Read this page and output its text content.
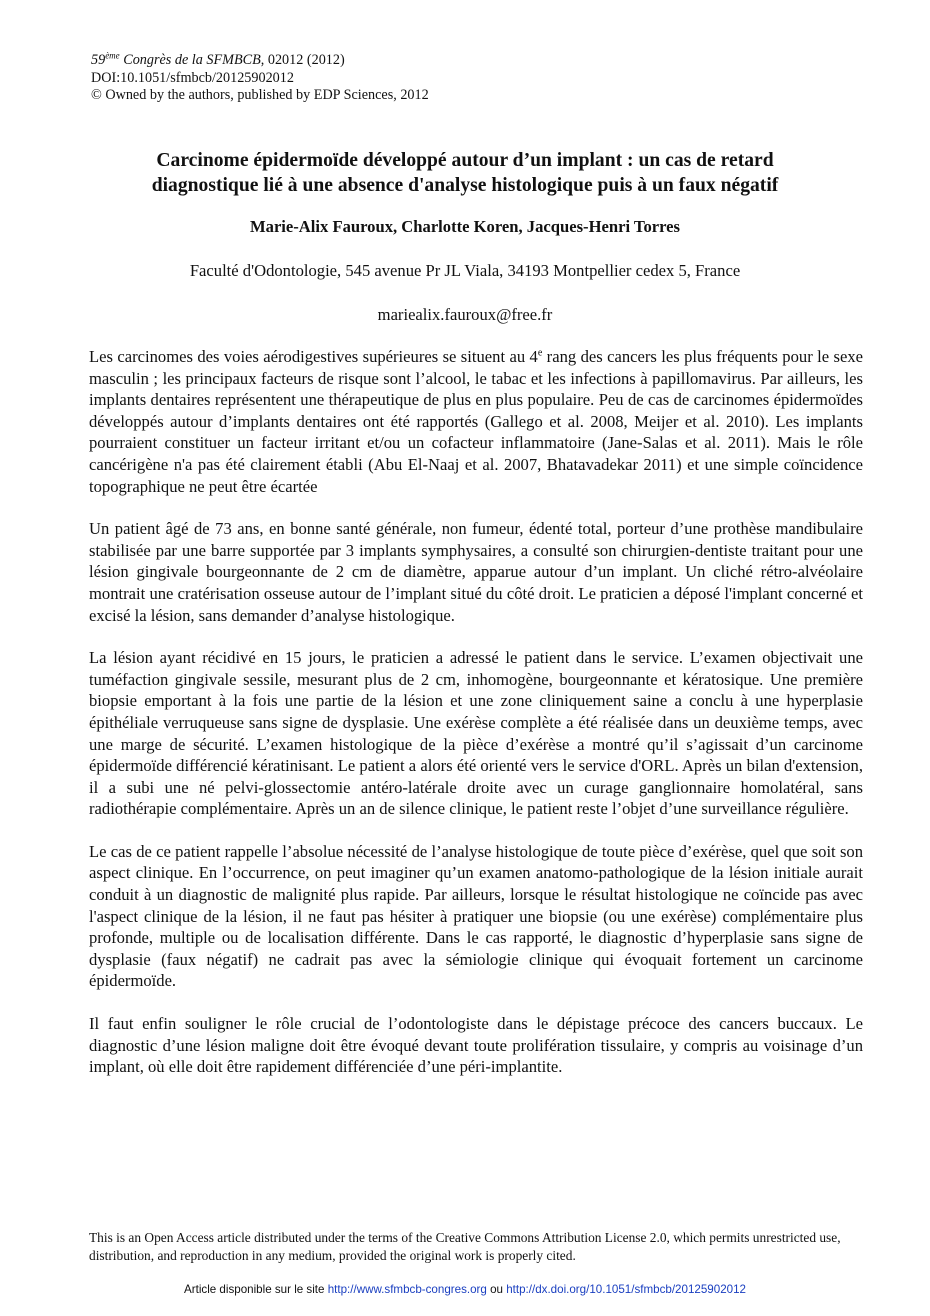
59ème Congrès de la SFMBCB, 02012 (2012)
DOI:10.1051/sfmbcb/20125902012
© Owned by the authors, published by EDP Sciences, 2012
Carcinome épidermoïde développé autour d’un implant : un cas de retard
diagnostique lié à une absence d'analyse histologique puis à un faux négatif
Marie-Alix Fauroux, Charlotte Koren, Jacques-Henri Torres
Faculté d'Odontologie, 545 avenue Pr JL Viala, 34193 Montpellier cedex 5, France
mariealix.fauroux@free.fr

Les carcinomes des voies aérodigestives supérieures se situent au 4e rang des cancers les plus fréquents pour le sexe masculin ; les principaux facteurs de risque sont l’alcool, le tabac et les infections à papillomavirus. Par ailleurs, les implants dentaires représentent une thérapeutique de plus en plus populaire. Peu de cas de carcinomes épidermoïdes développés autour d’implants dentaires ont été rapportés (Gallego et al. 2008, Meijer et al. 2010). Les implants pourraient constituer un facteur irritant et/ou un cofacteur inflammatoire (Jane-Salas et al. 2011). Mais le rôle cancérigène n'a pas été clairement établi (Abu El-Naaj et al. 2007, Bhatavadekar 2011) et une simple coïncidence topographique ne peut être écartée

Un patient âgé de 73 ans, en bonne santé générale, non fumeur, édenté total, porteur d’une prothèse mandibulaire stabilisée par une barre supportée par 3 implants symphysaires, a consulté son chirurgien-dentiste traitant pour une lésion gingivale bourgeonnante de 2 cm de diamètre, apparue autour d’un implant. Un cliché rétro-alvéolaire montrait une cratérisation osseuse autour de l’implant situé du côté droit. Le praticien a déposé l'implant concerné et excisé la lésion, sans demander d’analyse histologique.

La lésion ayant récidivé en 15 jours, le praticien a adressé le patient dans le service. L’examen objectivait une tuméfaction gingivale sessile, mesurant plus de 2 cm, inhomogène, bourgeonnante et kératosique. Une première biopsie emportant à la fois une partie de la lésion et une zone cliniquement saine a conclu à une hyperplasie épithéliale verruqueuse sans signe de dysplasie. Une exérèse complète a été réalisée dans un deuxième temps, avec une marge de sécurité. L’examen histologique de la pièce d’exérèse a montré qu’il s’agissait d’un carcinome épidermoïde différencié kératinisant. Le patient a alors été orienté vers le service d'ORL. Après un bilan d'extension, il a subi une né pelvi-glossectomie antéro-latérale droite avec un curage ganglionnaire homolatéral, sans radiothérapie complémentaire. Après un an de silence clinique, le patient reste l’objet d’une surveillance régulière.

Le cas de ce patient rappelle l’absolue nécessité de l’analyse histologique de toute pièce d’exérèse, quel que soit son aspect clinique. En l’occurrence, on peut imaginer qu’un examen anatomo-pathologique de la lésion initiale aurait conduit à un diagnostic de malignité plus rapide. Par ailleurs, lorsque le résultat histologique ne coïncide pas avec l'aspect clinique de la lésion, il ne faut pas hésiter à pratiquer une biopsie (ou une exérèse) complémentaire plus profonde, multiple ou de localisation différente. Dans le cas rapporté, le diagnostic d’hyperplasie sans signe de dysplasie (faux négatif) ne cadrait pas avec la sémiologie clinique qui évoquait fortement un carcinome épidermoïde.

Il faut enfin souligner le rôle crucial de l’odontologiste dans le dépistage précoce des cancers buccaux. Le diagnostic d’une lésion maligne doit être évoqué devant toute prolifération tissulaire, y compris au voisinage d’un implant, où elle doit être rapidement différenciée d’une péri-implantite.

This is an Open Access article distributed under the terms of the Creative Commons Attribution License 2.0, which permits unrestricted use, distribution, and reproduction in any medium, provided the original work is properly cited.
Article disponible sur le site http://www.sfmbcb-congres.org ou http://dx.doi.org/10.1051/sfmbcb/20125902012
